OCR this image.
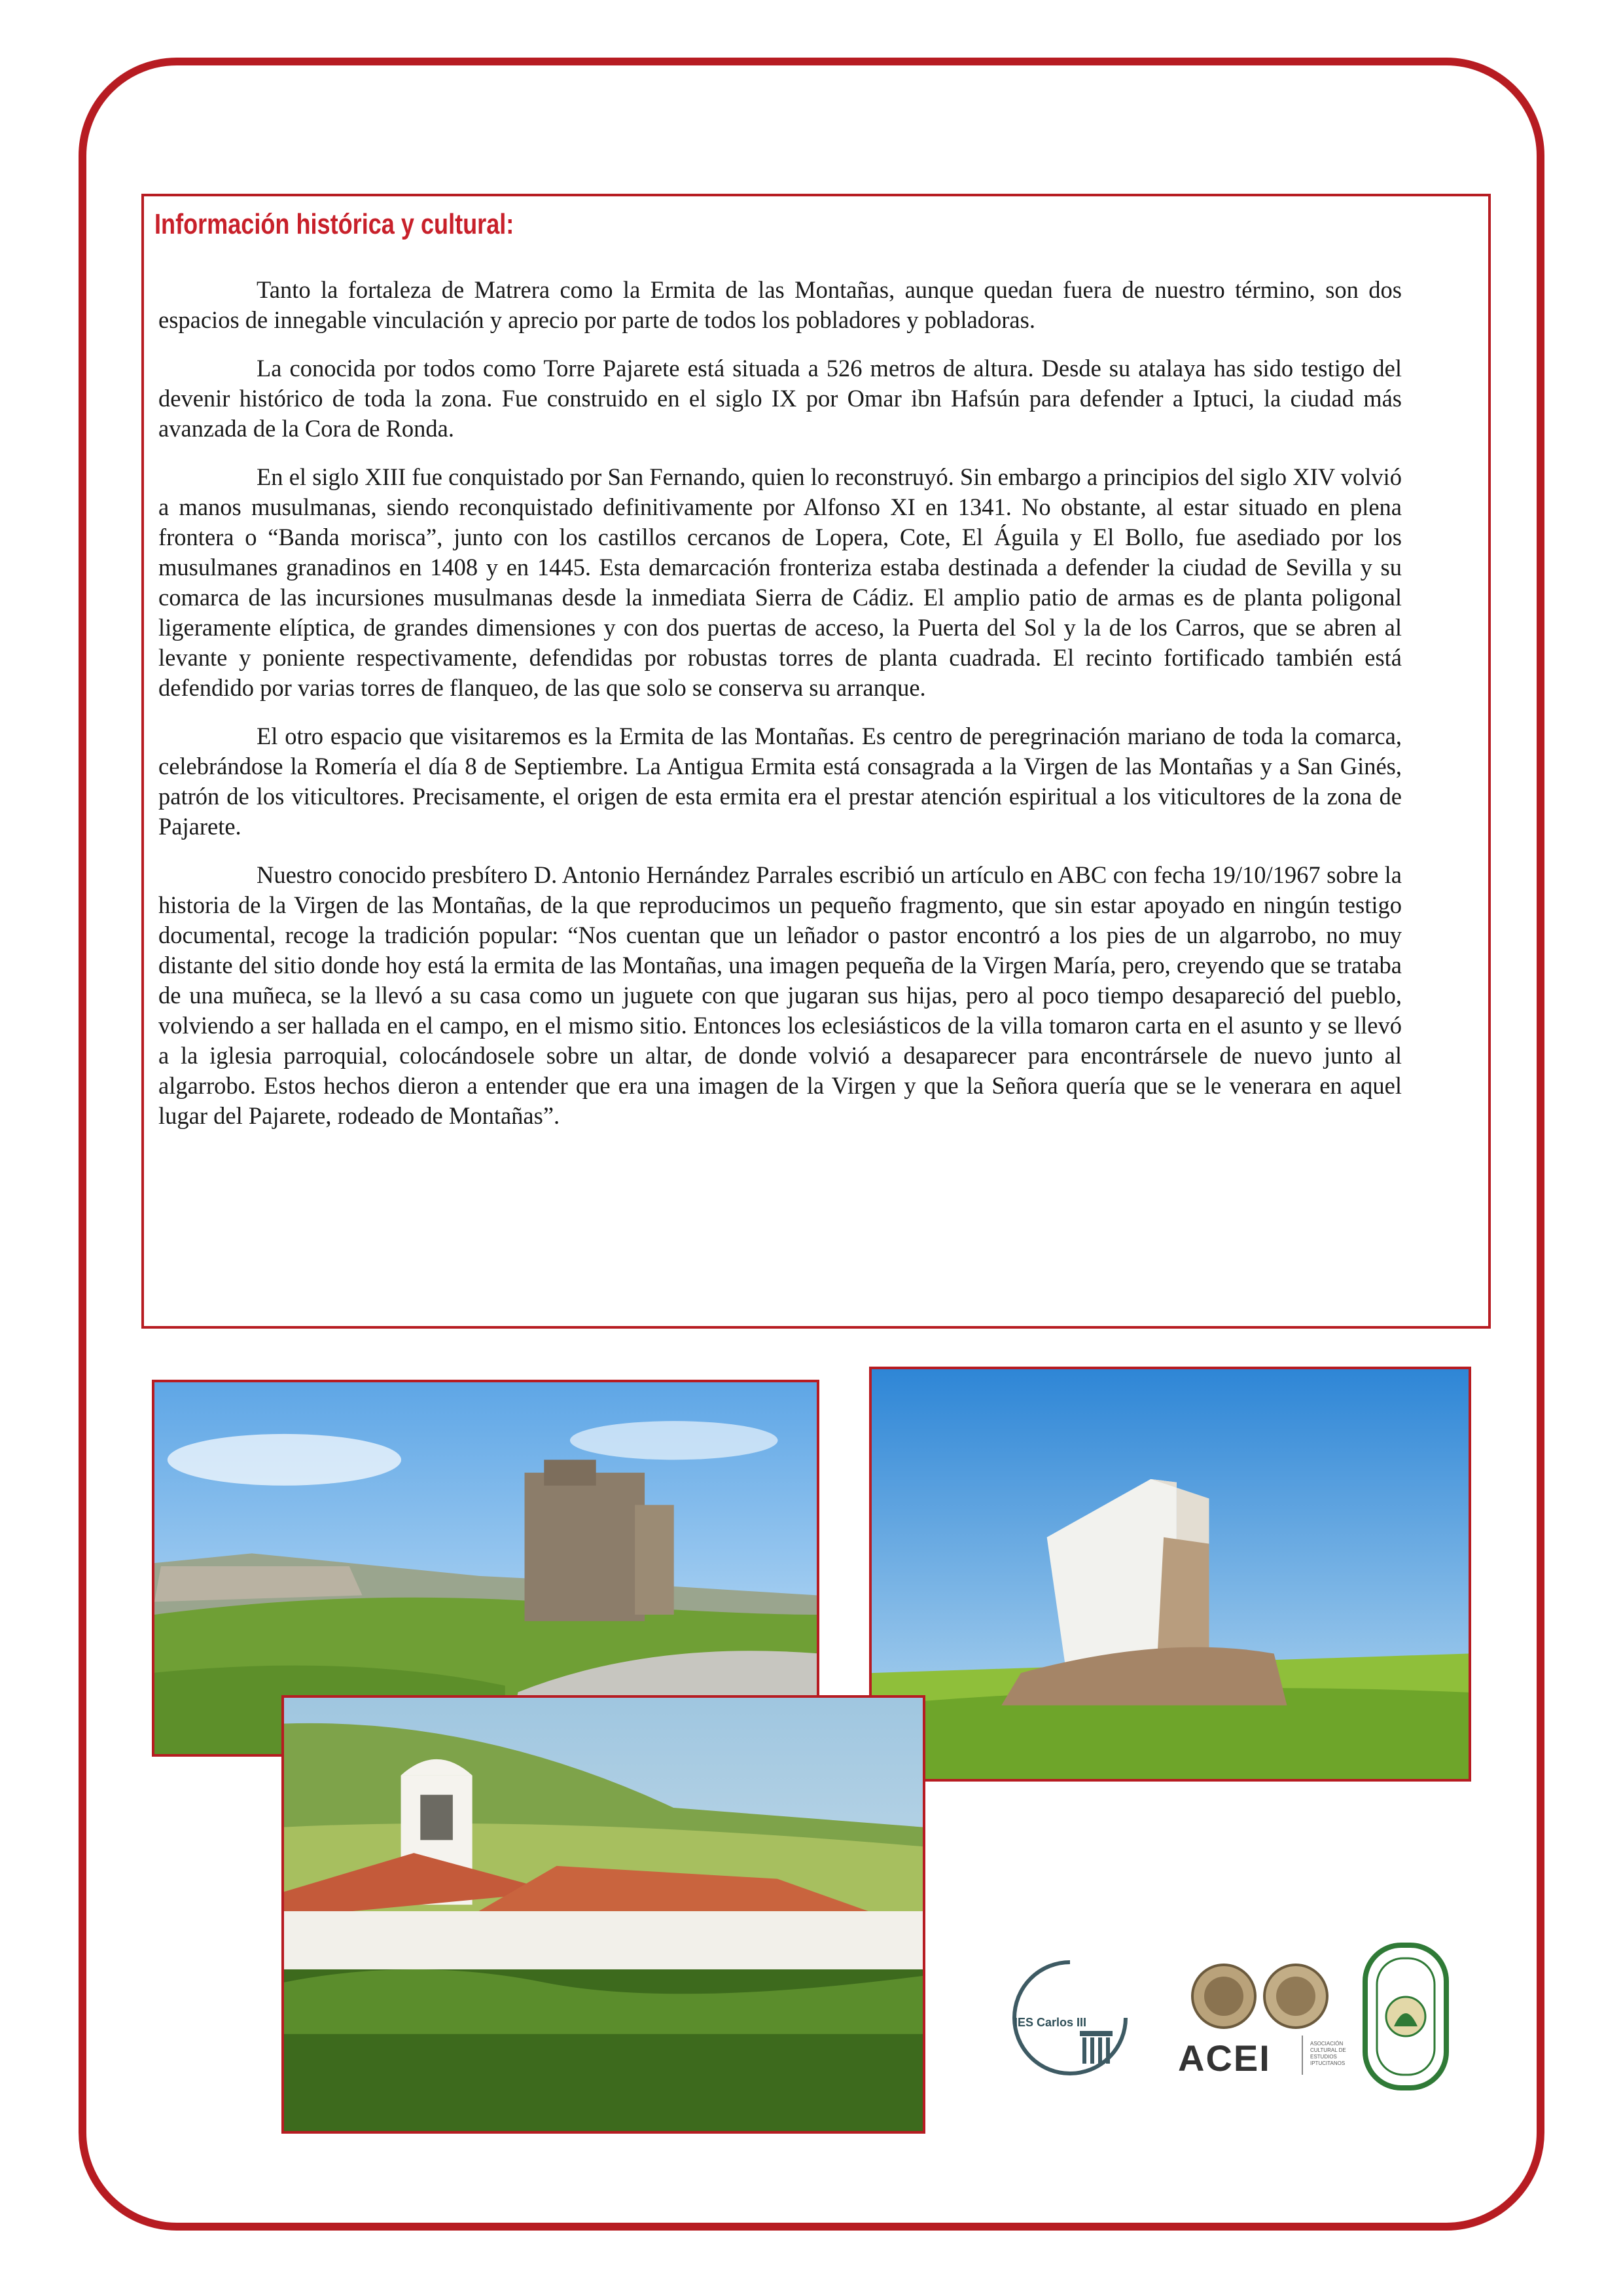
Información histórica y cultural:

Tanto la fortaleza de Matrera como la Ermita de las Montañas, aunque quedan fuera de nuestro término, son dos espacios de innegable vinculación y aprecio por parte de todos los pobladores y pobladoras.

La conocida por todos como Torre Pajarete está situada a 526 metros de altura. Desde su atalaya has sido testigo del devenir histórico de toda la zona. Fue construido en el siglo IX por Omar ibn Hafsún para defender a Iptuci, la ciudad más avanzada de la Cora de Ronda.

En el siglo XIII fue conquistado por San Fernando, quien lo reconstruyó. Sin embargo a principios del siglo XIV volvió a manos musulmanas, siendo reconquistado definitivamente por Alfonso XI en 1341. No obstante, al estar situado en plena frontera o “Banda morisca”, junto con los castillos cercanos de Lopera, Cote, El Águila y El Bollo, fue asediado por los musulmanes granadinos en 1408 y en 1445. Esta demarcación fronteriza estaba destinada a defender la ciudad de Sevilla y su comarca de las incursiones musulmanas desde la inmediata Sierra de Cádiz. El amplio patio de armas es de planta poligonal ligeramente elíptica, de grandes dimensiones y con dos puertas de acceso, la Puerta del Sol y la de los Carros, que se abren al levante y poniente respectivamente, defendidas por robustas torres de planta cuadrada. El recinto fortificado también está defendido por varias torres de flanqueo, de las que solo se conserva su arranque.

El otro espacio que visitaremos es la Ermita de las Montañas. Es centro de peregrinación mariano de toda la comarca, celebrándose la Romería el día 8 de Septiembre. La Antigua Ermita está consagrada a la Virgen de las Montañas y a San Ginés, patrón de los viticultores. Precisamente, el origen de esta ermita era el prestar atención espiritual a los viticultores de la zona de Pajarete.

Nuestro conocido presbítero D. Antonio Hernández Parrales escribió un artículo en ABC con fecha 19/10/1967 sobre la historia de la Virgen de las Montañas, de la que reproducimos un pequeño fragmento, que sin estar apoyado en ningún testigo documental, recoge la tradición popular: “Nos cuentan que un leñador o pastor encontró a los pies de un algarrobo, no muy distante del sitio donde hoy está la ermita de las Montañas, una imagen pequeña de la Virgen María, pero, creyendo que se trataba de una muñeca, se la llevó a su casa como un juguete con que jugaran sus hijas, pero al poco tiempo desapareció del pueblo, volviendo a ser hallada en el campo, en el mismo sitio. Entonces los eclesiásticos de la villa tomaron carta en el asunto y se llevó a la iglesia parroquial, colocándosele sobre un altar, de donde volvió a desaparecer para encontrársele de nuevo junto al algarrobo. Estos hechos dieron a entender que era una imagen de la Virgen y que la Señora quería que se le venerara en aquel lugar del Pajarete, rodeado de Montañas”.

IES Carlos III
ACEI	ASOCIACIÓN CULTURAL DE ESTUDIOS IPTUCITANOS
